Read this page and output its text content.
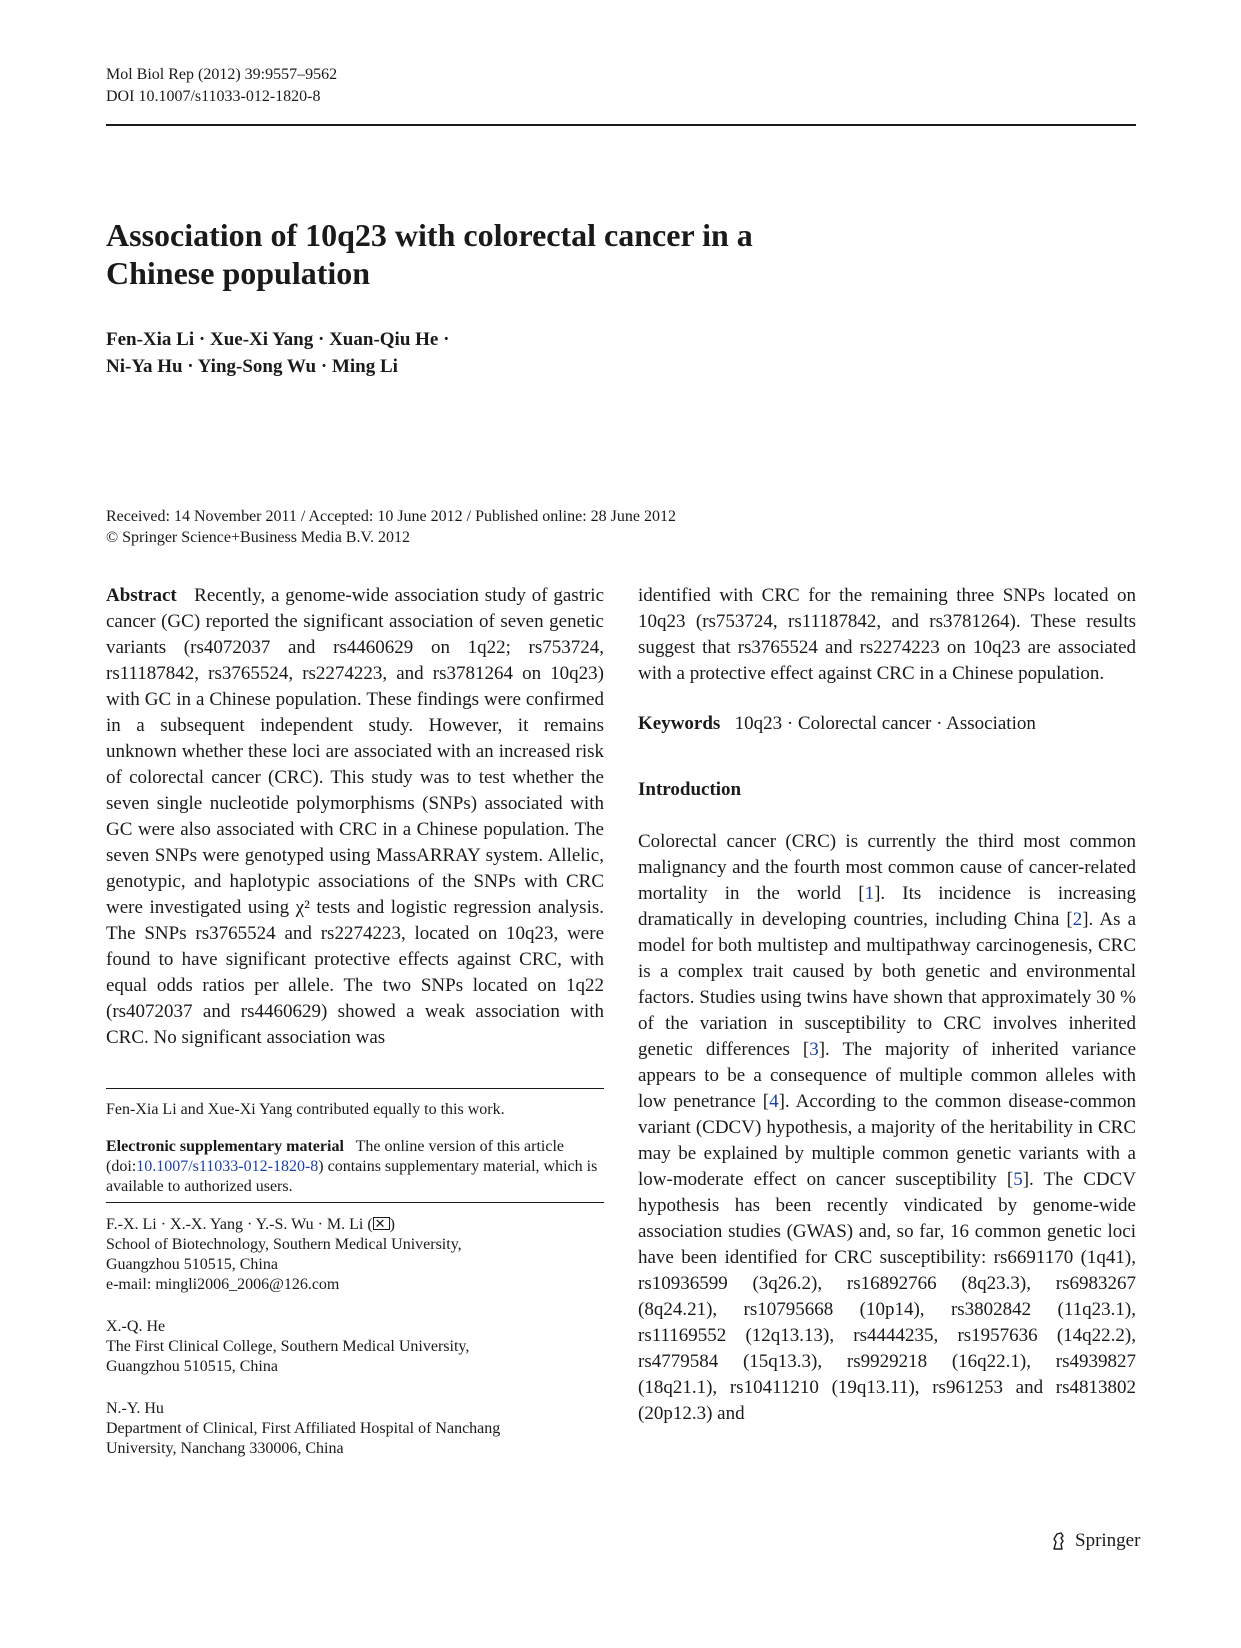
Mol Biol Rep (2012) 39:9557–9562
DOI 10.1007/s11033-012-1820-8
Association of 10q23 with colorectal cancer in a Chinese population
Fen-Xia Li · Xue-Xi Yang · Xuan-Qiu He ·
Ni-Ya Hu · Ying-Song Wu · Ming Li
Received: 14 November 2011 / Accepted: 10 June 2012 / Published online: 28 June 2012
© Springer Science+Business Media B.V. 2012

Abstract Recently, a genome-wide association study of gastric cancer (GC) reported the significant association of seven genetic variants (rs4072037 and rs4460629 on 1q22; rs753724, rs11187842, rs3765524, rs2274223, and rs3781264 on 10q23) with GC in a Chinese population. These findings were confirmed in a subsequent independent study. However, it remains unknown whether these loci are associated with an increased risk of colorectal cancer (CRC). This study was to test whether the seven single nucleotide polymorphisms (SNPs) associated with GC were also associated with CRC in a Chinese population. The seven SNPs were genotyped using MassARRAY system. Allelic, genotypic, and haplotypic associations of the SNPs with CRC were investigated using χ² tests and logistic regression analysis. The SNPs rs3765524 and rs2274223, located on 10q23, were found to have significant protective effects against CRC, with equal odds ratios per allele. The two SNPs located on 1q22 (rs4072037 and rs4460629) showed a weak association with CRC. No significant association was

identified with CRC for the remaining three SNPs located on 10q23 (rs753724, rs11187842, and rs3781264). These results suggest that rs3765524 and rs2274223 on 10q23 are associated with a protective effect against CRC in a Chinese population.

Keywords 10q23 · Colorectal cancer · Association

Introduction

Colorectal cancer (CRC) is currently the third most common malignancy and the fourth most common cause of cancer-related mortality in the world [1]. Its incidence is increasing dramatically in developing countries, including China [2]. As a model for both multistep and multipathway carcinogenesis, CRC is a complex trait caused by both genetic and environmental factors. Studies using twins have shown that approximately 30 % of the variation in susceptibility to CRC involves inherited genetic differences [3]. The majority of inherited variance appears to be a consequence of multiple common alleles with low penetrance [4]. According to the common disease-common variant (CDCV) hypothesis, a majority of the heritability in CRC may be explained by multiple common genetic variants with a low-moderate effect on cancer susceptibility [5]. The CDCV hypothesis has been recently vindicated by genome-wide association studies (GWAS) and, so far, 16 common genetic loci have been identified for CRC susceptibility: rs6691170 (1q41), rs10936599 (3q26.2), rs16892766 (8q23.3), rs6983267 (8q24.21), rs10795668 (10p14), rs3802842 (11q23.1), rs11169552 (12q13.13), rs4444235, rs1957636 (14q22.2), rs4779584 (15q13.3), rs9929218 (16q22.1), rs4939827 (18q21.1), rs10411210 (19q13.11), rs961253 and rs4813802 (20p12.3) and

Fen-Xia Li and Xue-Xi Yang contributed equally to this work.

Electronic supplementary material The online version of this article (doi:10.1007/s11033-012-1820-8) contains supplementary material, which is available to authorized users.

F.-X. Li · X.-X. Yang · Y.-S. Wu · M. Li (✕ )

School of Biotechnology, Southern Medical University,

Guangzhou 510515, China

e-mail: mingli2006_2006@126.com

X.-Q. He

The First Clinical College, Southern Medical University,

Guangzhou 510515, China

N.-Y. Hu

Department of Clinical, First Affiliated Hospital of Nanchang

University, Nanchang 330006, China

Springer
